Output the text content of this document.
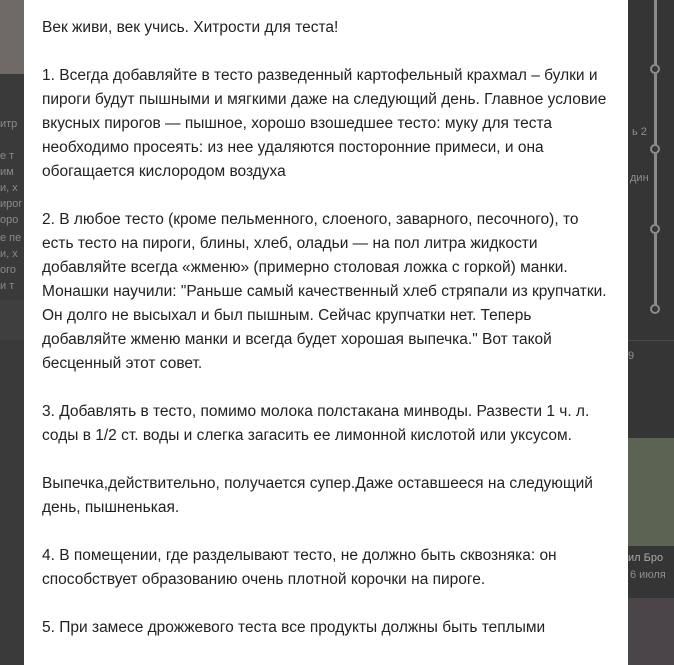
итр
е т
им
и, х
ирог
оро
е пе
и, х
ого
и т
ь 2
дин
9
ил Бро
6 июля

Век живи, век учись. Хитрости для теста!

1. Всегда добавляйте в тесто разведенный картофельный крахмал – булки и пироги будут пышными и мягкими даже на следующий день. Главное условие вкусных пирогов — пышное, хорошо взошедшее тесто: муку для теста необходимо просеять: из нее удаляются посторонние примеси, и она обогащается кислородом воздуха

2. В любое тесто (кроме пельменного, слоеного, заварного, песочного), то есть тесто на пироги, блины, хлеб, оладьи — на пол литра жидкости добавляйте всегда «жменю» (примерно столовая ложка с горкой) манки. Монашки научили: "Раньше самый качественный хлеб стряпали из крупчатки. Он долго не высыхал и был пышным. Сейчас крупчатки нет. Теперь добавляйте жменю манки и всегда будет хорошая выпечка." Вот такой бесценный этот совет.

3. Добавлять в тесто, помимо молока полстакана минводы. Развести 1 ч. л. соды в 1/2 ст. воды и слегка загасить ее лимонной кислотой или уксусом.

Выпечка,действительно, получается супер.Даже оставшееся на следующий день, пышненькая.

4. В помещении, где разделывают тесто, не должно быть сквозняка: он способствует образованию очень плотной корочки на пироге.

5. При замесе дрожжевого теста все продукты должны быть теплыми
